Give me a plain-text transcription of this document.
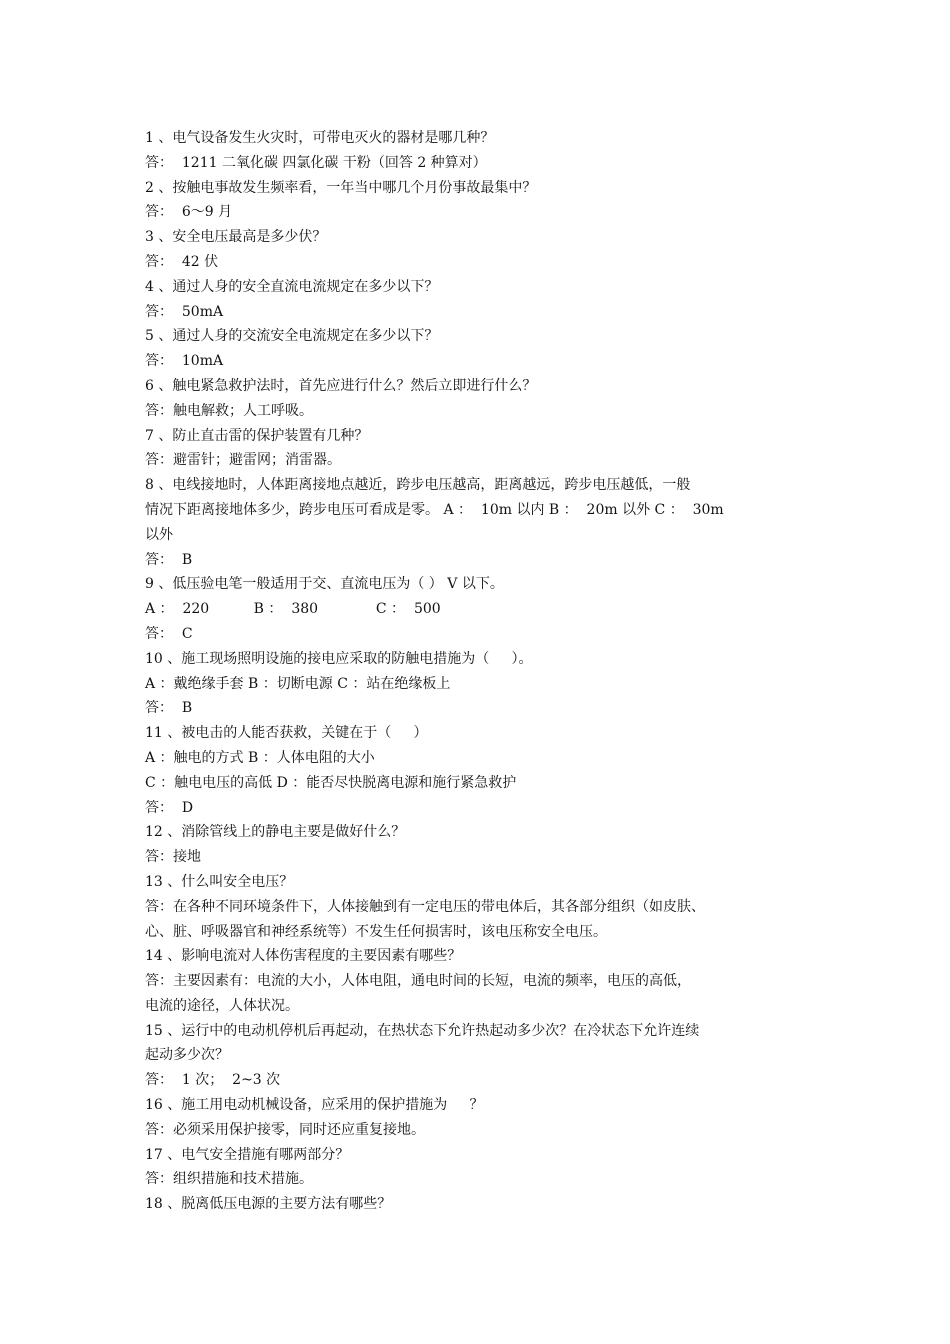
1 、电气设备发生火灾时，可带电灭火的器材是哪几种？
答：  1211 二氧化碳 四氯化碳 干粉（回答 2 种算对）
2 、按触电事故发生频率看，一年当中哪几个月份事故最集中？
答：  6～9 月
3 、安全电压最高是多少伏？
答：  42 伏
4 、通过人身的安全直流电流规定在多少以下？
答：  50mA
5 、通过人身的交流安全电流规定在多少以下？
答：  10mA
6 、触电紧急救护法时，首先应进行什么？然后立即进行什么？
答：触电解救；人工呼吸。
7 、防止直击雷的保护装置有几种？
答：避雷针；避雷网；消雷器。
8 、电线接地时，人体距离接地点越近，跨步电压越高，距离越远，跨步电压越低，一般
情况下距离接地体多少，跨步电压可看成是零。 A ：  10m 以内 B ：  20m 以外 C ：  30m
以外
答：  B
9 、低压验电笔一般适用于交、直流电压为（ ） V 以下。
A ：  220          B ：  380             C ：  500
答：  C
10 、施工现场照明设施的接电应采取的防触电措施为（     ）。
A ：戴绝缘手套 B ：切断电源 C ：站在绝缘板上
答：  B
11 、被电击的人能否获救，关键在于（     ）
A ：触电的方式 B ：人体电阻的大小
C ：触电电压的高低 D ：能否尽快脱离电源和施行紧急救护
答：  D
12 、消除管线上的静电主要是做好什么？
答：接地
13 、什么叫安全电压？
答：在各种不同环境条件下，人体接触到有一定电压的带电体后，其各部分组织（如皮肤、
心、脏、呼吸器官和神经系统等）不发生任何损害时，该电压称安全电压。
14 、影响电流对人体伤害程度的主要因素有哪些？
答：主要因素有：电流的大小，人体电阻，通电时间的长短，电流的频率，电压的高低，
电流的途径，人体状况。
15 、运行中的电动机停机后再起动，在热状态下允许热起动多少次？在冷状态下允许连续
起动多少次？
答：  1 次；  2~3 次
16 、施工用电动机械设备，应采用的保护措施为     ？
答：必须采用保护接零，同时还应重复接地。
17 、电气安全措施有哪两部分？
答：组织措施和技术措施。
18 、脱离低压电源的主要方法有哪些？
